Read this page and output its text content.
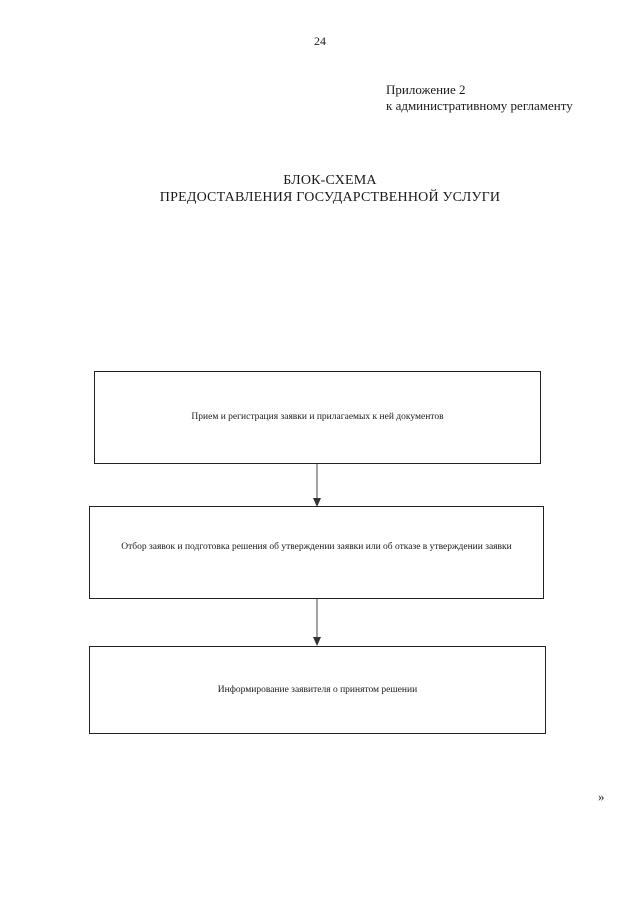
24
Приложение 2

к административному регламенту
БЛОК-СХЕМА
ПРЕДОСТАВЛЕНИЯ ГОСУДАРСТВЕННОЙ УСЛУГИ
Прием и регистрация заявки и прилагаемых к ней документов
Отбор заявок и подготовка решения об утверждении заявки или об отказе в утверждении заявки
Информирование заявителя о принятом решении
»
